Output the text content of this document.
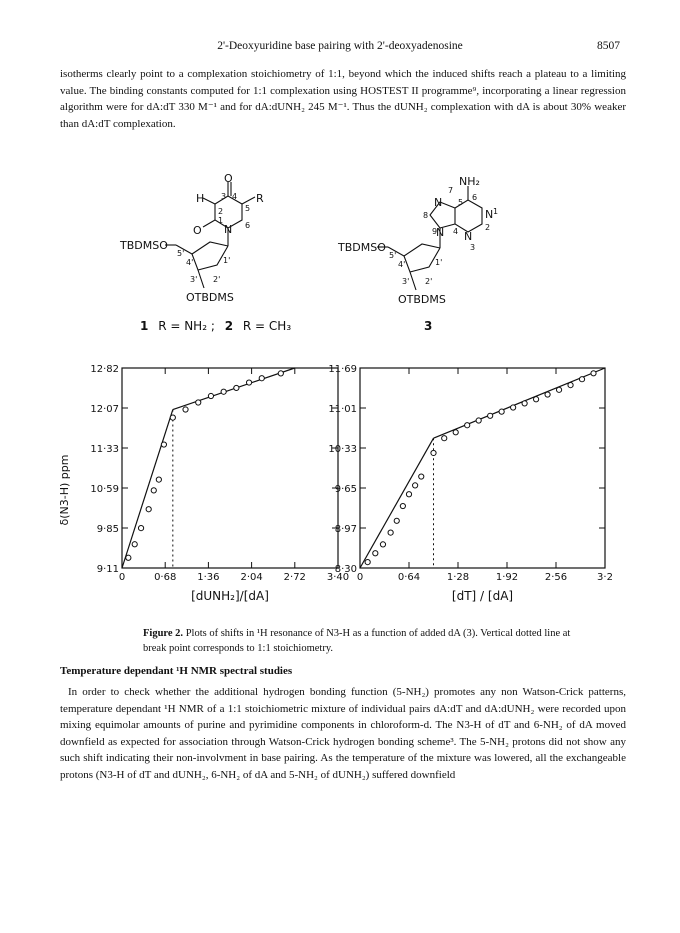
2'-Deoxyuridine base pairing with 2'-deoxyadenosine	8507

isotherms clearly point to a complexation stoichiometry of 1:1, beyond which the induced shifts reach a plateau to a limiting value. The binding constants computed for 1:1 complexation using HOSTEST II programme⁹, incorporating a linear regression algorithm were for dA:dT 330 M⁻¹ and for dA:dUNH₂ 245 M⁻¹. Thus the dUNH₂ complexation with dA is about 30% weaker than dA:dT complexation.

O
H	R
O N
3 4
5
2
1
6
TBDMSO
5'
4'	1'
3' 2'
OTBDMS
1 R = NH₂ ; 2 R = CH₃
NH₂
N
N
N N
7
5
6
1
8
9 4	2
3
TBDMSO
5'
4'	1'
3' 2'
OTBDMS
3
δ(N3-H) ppm
0	0·68 1·36 2·04 2·72 3·40
9·11
9·85
10·59
11·33
12·07
12·82
[dUNH₂]/[dA]
0	0·64	1·28	1·92	2·56	3·2
8·30
8·97
9·65
10·33
11·01
11·69
[dT] / [dA]
Figure 2. Plots of shifts in ¹H resonance of N3-H as a function of added dA (3). Vertical dotted line at break point corresponds to 1:1 stoichiometry.
Temperature dependant ¹H NMR spectral studies

In order to check whether the additional hydrogen bonding function (5-NH₂) promotes any non Watson-Crick patterns, temperature dependant ¹H NMR of a 1:1 stoichiometric mixture of individual pairs dA:dT and dA:dUNH₂ were recorded upon mixing equimolar amounts of purine and pyrimidine components in chloroform-d. The N3-H of dT and 6-NH₂ of dA moved downfield as expected for association through Watson-Crick hydrogen bonding scheme³. The 5-NH₂ protons did not show any such shift indicating their non-involvment in base pairing. As the temperature of the mixture was lowered, all the exchangeable protons (N3-H of dT and dUNH₂, 6-NH₂ of dA and 5-NH₂ of dUNH₂) suffered downfield
